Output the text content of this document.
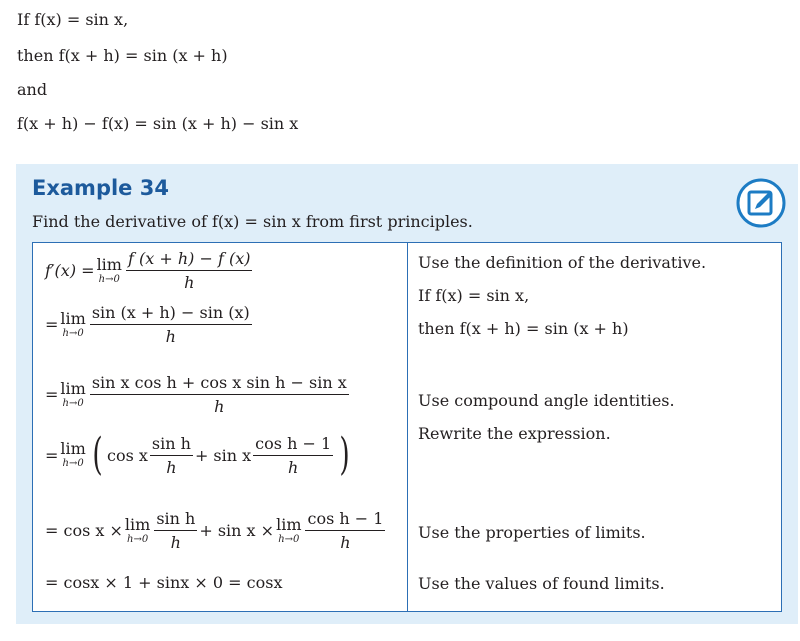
If f(x) = sin x,
then f(x + h) = sin (x + h)
and
f(x + h) − f(x) = sin (x + h) − sin x
Example 34
Find the derivative of f(x) = sin x from first principles.
f′(x) = lim
$h\to 0 \frac{f (x + h) - f (x)}{h}$
= lim
$h\to 0 \frac{\sin (x + h) - \sin (x)}{h}$
= lim
$h\to 0 \frac{\text{sin x cos h + cos x sin h − sin x}}{h}$
= lim
h→0 ( cos x $\frac{\text{sin h}}{h} + \sin x \frac{\text{cos h − 1}}{h}$ )
= cos x × lim
$h\to 0 \frac{\text{sin h}}{h} + \sin x \times \lim$
$h\to 0 \frac{\text{cos h − 1}}{h}$
= cosx × 1 + sinx × 0 = cosx
Use the definition of the derivative.
If f(x) = sin x,
then f(x + h) = sin (x + h)
Use compound angle identities.
Rewrite the expression.
Use the properties of limits.
Use the values of found limits.
